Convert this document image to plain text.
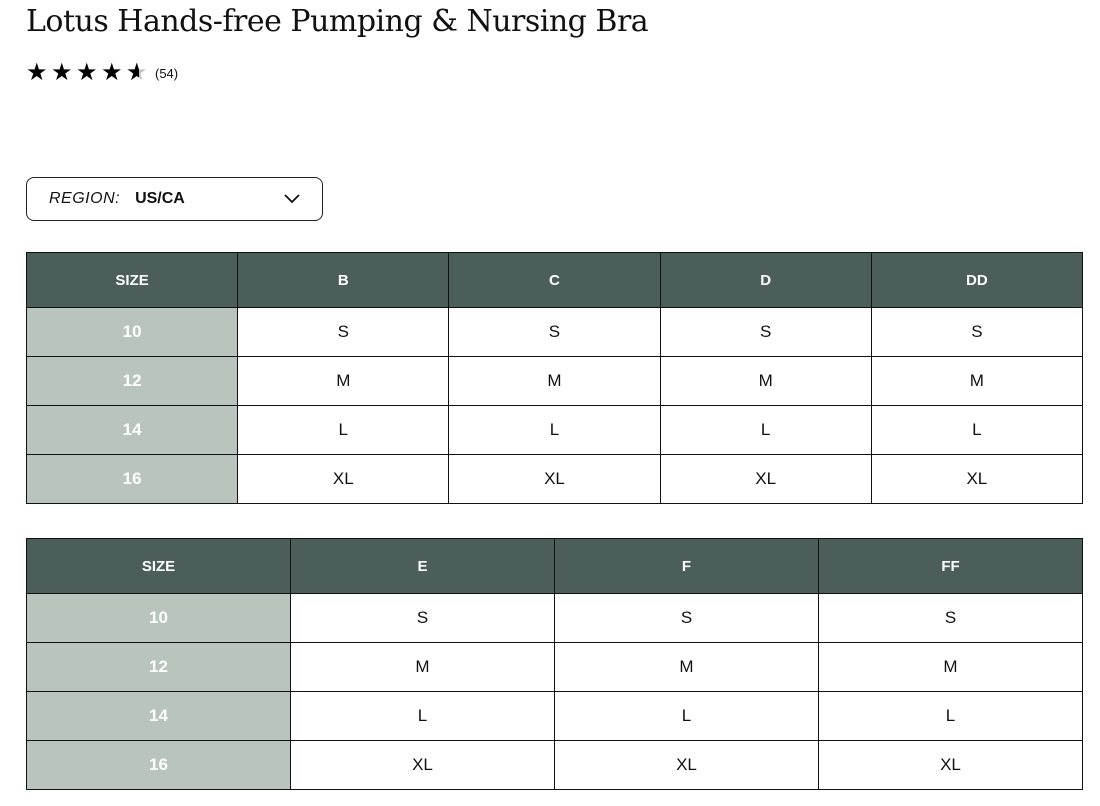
Lotus Hands-free Pumping & Nursing Bra
★ ★ ★ ★ ★ ★ (54)
REGION: US/CA
SIZE	B	C	D	DD
10	S	S	S	S
12	M	M	M	M
14	L	L	L	L
16	XL	XL	XL	XL
SIZE	E	F	FF
10	S	S	S
12	M	M	M
14	L	L	L
16	XL	XL	XL
